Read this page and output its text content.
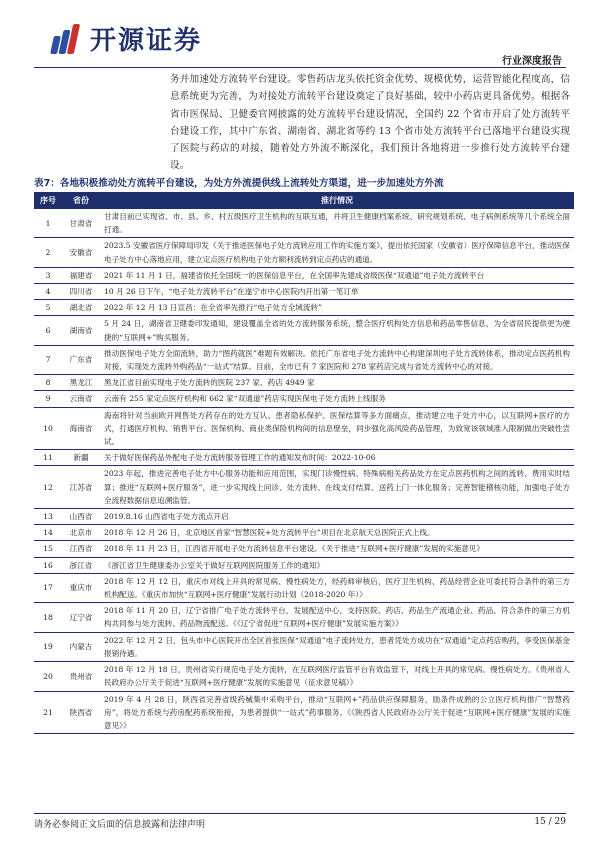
开源证券
行业深度报告
务并加速处方流转平台建设。零售药店龙头依托资金优势、规模优势，运营智能化程度高，信息系统更为完善，为对接处方流转平台建设奠定了良好基础，较中小药店更具备优势。根据各省市医保局、卫健委官网披露的处方流转平台建设情况，全国约 22 个省市开启了处方流转平台建设工作，其中广东省、湖南省、湖北省等约 13 个省市处方流转平台已落地平台建设实现了医院与药店的对接，随着处方外流不断深化，我们预计各地将进一步推行处方流转平台建设。
表7：各地积极推动处方流转平台建设，为处方外流提供线上流转处方渠道，进一步加速处方外流
序号	省份	推行情况
1	甘肃省	甘肃目前已实现省、市、县、乡、村五级医疗卫生机构的互联互通，并将卫生健康档案系统、研究规划系统、电子病例系统等几个系统全面打通。
2	安徽省	2023.5 安徽省医疗保障局印发《关于推进医保电子处方流转应用工作的实施方案》，提出依托国家（安徽省）医疗保障信息平台，推动医保电子处方中心落地应用，建立定点医疗机构电子处方顺利流转到定点药店的通道。
3	福建省	2021 年 11 月 1 日，福建省依托全国统一的医保信息平台，在全国率先建成省级医保“双通道”电子处方流转平台
4	四川省	10 月 26 日下午，“电子处方流转平台”在遂宁市中心医院内开出第一笔订单
5	湖北省	2022 年 12 月 13 日宣昌：在全省率先推行“电子处方全域流转”
6	湖南省	5 月 24 日，湖南省卫健委印发通知，建设覆盖全省的处方流转服务系统，整合医疗机构处方信息和药品零售信息，为全省居民提供更为便捷的“互联网+”购买服务。
7	广东省	推动医保电子处方全面流转，助力“图药就医”难题有效解决。依托广东省电子处方流转中心构建深圳电子处方流转体系，推动定点医药机构对接，实现处方流转外购药品“一站式”结算。目前，全市已有 7 家医院和 278 家药店完成与省处方流转中心的对接。
8	黑龙江	黑龙江省目前实现电子处方流转的医院 237 家、药店 4949 家
9	云南省	云南有 255 家定点医疗机构和 662 家“双通道”药店实现医保电子处方流转上线服务
10	海南省	海南将针对当前欧开网售处方药存在的处方互认、患者隐私保护、医保结算等多方面痛点，推动建立电子处方中心，以互联网+医疗的方式，打通医疗机构、销售平台、医保机构、商业类保险机构间的信息壁垒，同步强化高风险药品管理，为致宽该领域准入限制做出突破性尝试。
11	新疆	关于做好医保药品外配电子处方流转服务管理工作的通知发布时间：2022-10-06
12	江苏省	2023 年起，推进完善电子处方中心服务功能和应用范围，实现门诊慢性病、特殊病相关药品处方在定点医药机构之间的流转、费用实时结算；推进“互联网+医疗服务”，进一步实现线上问诊、处方流转、在线支付结算、送药上门一体化服务；完善智能稽核功能，加强电子处方全流程数据信息追溯监管。
13	山西省	2019.8.16 山西省电子处方流点开启
14	北京市	2018 年 12 月 26 日，北京地区首家“智慧医院+处方流转平台”项目在北京航天总医院正式上线。
15	江西省	2018 年 11 月 23 日，江西省开展电子处方流转信息平台建设。《关于推进“互联网+医疗健康”发展的实施意见》
16	浙江省	《浙江省卫生健康委办公室关于做好互联网医院服务工作的通知》
17	重庆市	2018 年 12 月 12 日，重庆市对线上开具的常见病、慢性病处方，经药师审核后，医疗卫生机构、药品经营企业可委托符合条件的第三方机构配送。《重庆市加快“互联网+医疗健康”发展行动计划（2018-2020 年）》
18	辽宁省	2018 年 11 月 20 日，辽宁省推广电子处方流转平台，发展配送中心，支持医院、药店、药品生产流通企业、药品、符合条件的第三方机构共同参与处方流转、药品物流配送。《《辽宁省促进“互联网+医疗健康”发展实施方案》》
19	内蒙古	2022 年 12 月 2 日，包头市中心医院开出全区首张医保“双通道”电子流转处方，患者凭处方成功在“双通道”定点药店购药，享受医保基金报销待遇。
20	贵州省	2018 年 12 月 18 日，贵州省实行规范电子处方流转，在互联网医疗监管平台有效监管下，对线上开具的常见病、慢性病处方。《贵州省人民政府办公厅关于促进“互联网+医疗健康”发展的实施意见（征求意见稿）》
21	陕西省	2019 年 4 月 28 日，陕西省完善省级药械集中采购平台，推动“互联网+”药品供应保障服务，励条件成熟的公立医疗机构推广“智慧药房”，将处方系统与药房配药系统衔接，为患者提供“一站式”药事服务。《《陕西省人民政府办公厅关于促进“互联网+医疗健康”发展的实施意见》》
请务必参阅正文后面的信息披露和法律声明	15 / 29
